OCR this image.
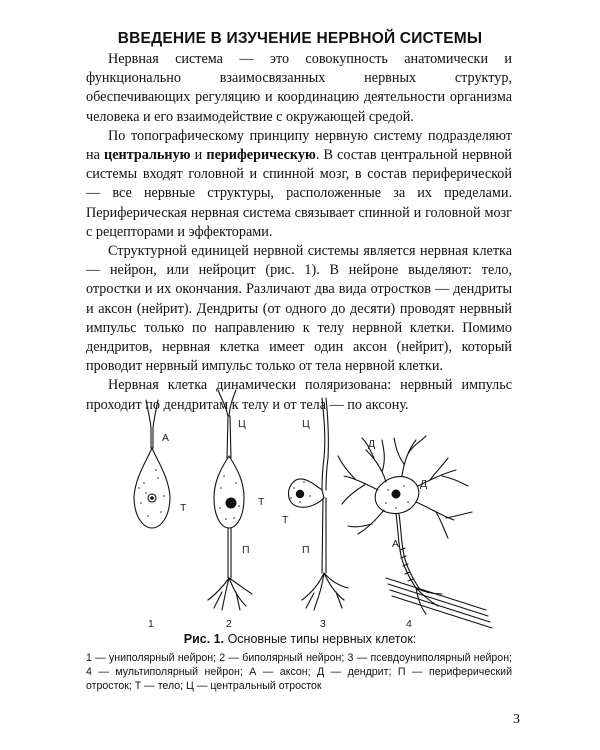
ВВЕДЕНИЕ В ИЗУЧЕНИЕ НЕРВНОЙ СИСТЕМЫ

Нервная система — это совокупность анатомически и функционально взаимосвязанных нервных структур, обеспечивающих регуляцию и координацию деятельности организма человека и его взаимодействие с окружающей средой.

По топографическому принципу нервную систему подразделяют на центральную и периферическую. В состав центральной нервной системы входят головной и спинной мозг, в состав периферической — все нервные структуры, расположенные за их пределами. Периферическая нервная система связывает спинной и головной мозг с рецепторами и эффекторами.

Структурной единицей нервной системы является нервная клетка — нейрон, или нейроцит (рис. 1). В нейроне выделяют: тело, отростки и их окончания. Различают два вида отростков — дендриты и аксон (нейрит). Дендриты (от одного до десяти) проводят нервный импульс только по направлению к телу нервной клетки. Помимо дендритов, нервная клетка имеет один аксон (нейрит), который проводит нервный импульс только от тела нервной клетки.

Нервная клетка динамически поляризована: нервный импульс проходит по дендритам к телу и от тела — по аксону.

А
Т
Ц
Т
П
Ц
Т
П
Д
Д
А
1	2	3	4
Рис. 1. Основные типы нервных клеток:
1 — униполярный нейрон; 2 — биполярный нейрон; 3 — псевдоуниполярный нейрон; 4 — мультиполярный нейрон; А — аксон; Д — дендрит; П — периферический отросток; Т — тело; Ц — центральный отросток
3
